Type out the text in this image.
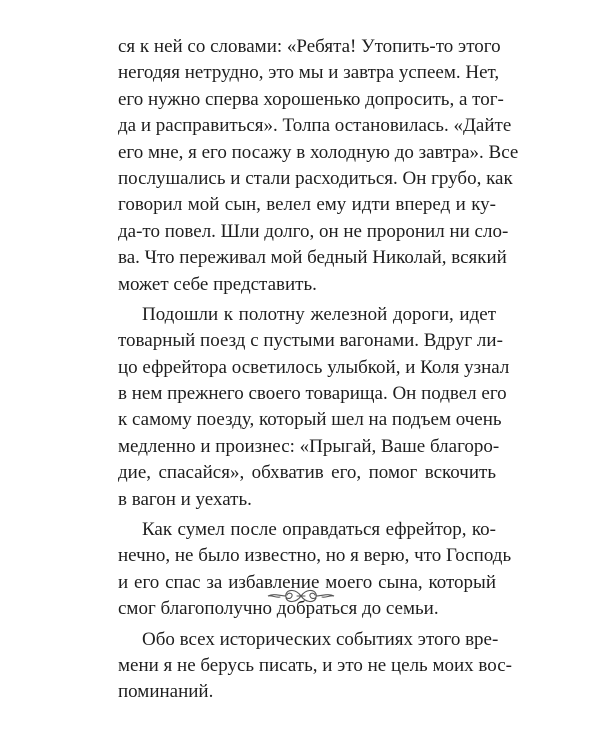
ся к ней со словами: «Ребята! Утопить-то этого
негодяя нетрудно, это мы и завтра успеем. Нет,
его нужно сперва хорошенько допросить, а тог-
да и расправиться». Толпа остановилась. «Дайте
его мне, я его посажу в холодную до завтра». Все
послушались и стали расходиться. Он грубо, как
говорил мой сын, велел ему идти вперед и ку-
да-то повел. Шли долго, он не проронил ни сло-
ва. Что переживал мой бедный Николай, всякий
может себе представить.
Подошли к полотну железной дороги, идет
товарный поезд с пустыми вагонами. Вдруг ли-
цо ефрейтора осветилось улыбкой, и Коля узнал
в нем прежнего своего товарища. Он подвел его
к самому поезду, который шел на подъем очень
медленно и произнес: «Прыгай, Ваше благоро-
дие, спасайся», обхватив его, помог вскочить
в вагон и уехать.
Как сумел после оправдаться ефрейтор, ко-
нечно, не было известно, но я верю, что Господь
и его спас за избавление моего сына, который
смог благополучно добраться до семьи.
Обо всех исторических событиях этого вре-
мени я не берусь писать, и это не цель моих вос-
поминаний.
